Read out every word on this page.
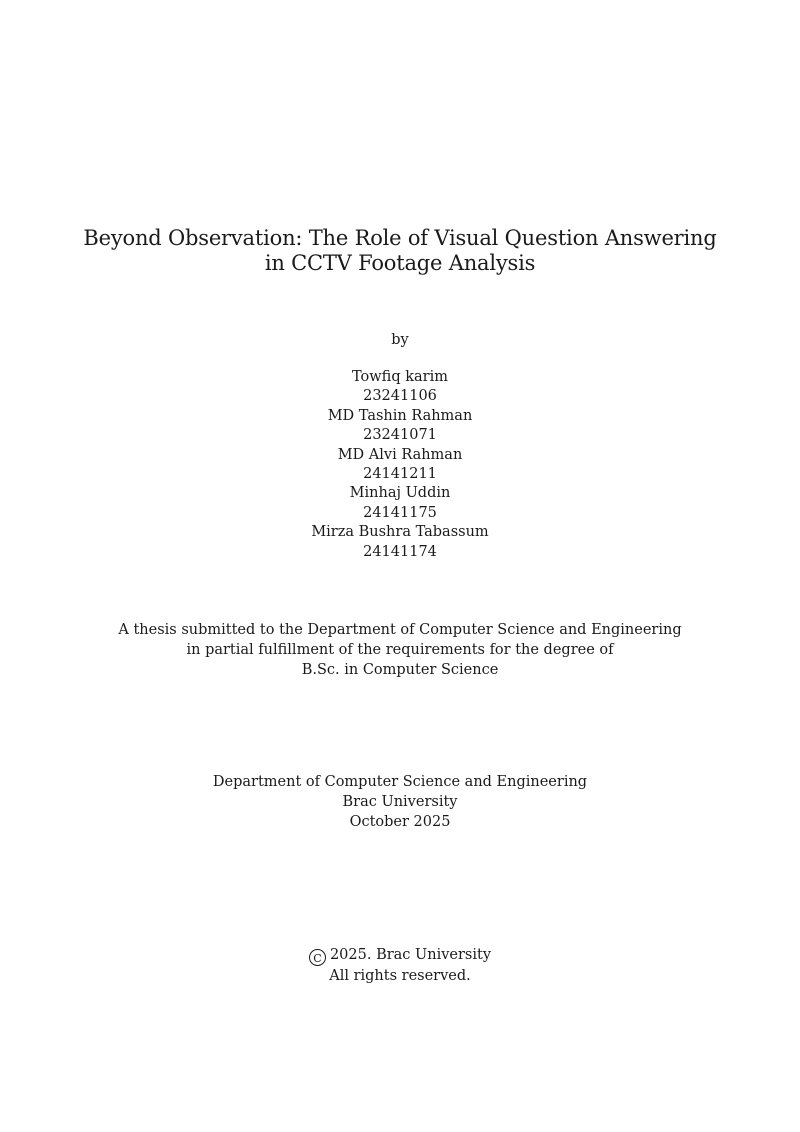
Beyond Observation: The Role of Visual Question Answering
in CCTV Footage Analysis
by
Towfiq karim
23241106
MD Tashin Rahman
23241071
MD Alvi Rahman
24141211
Minhaj Uddin
24141175
Mirza Bushra Tabassum
24141174
A thesis submitted to the Department of Computer Science and Engineering
in partial fulfillment of the requirements for the degree of
B.Sc. in Computer Science
Department of Computer Science and Engineering
Brac University
October 2025
C 2025. Brac University
All rights reserved.
